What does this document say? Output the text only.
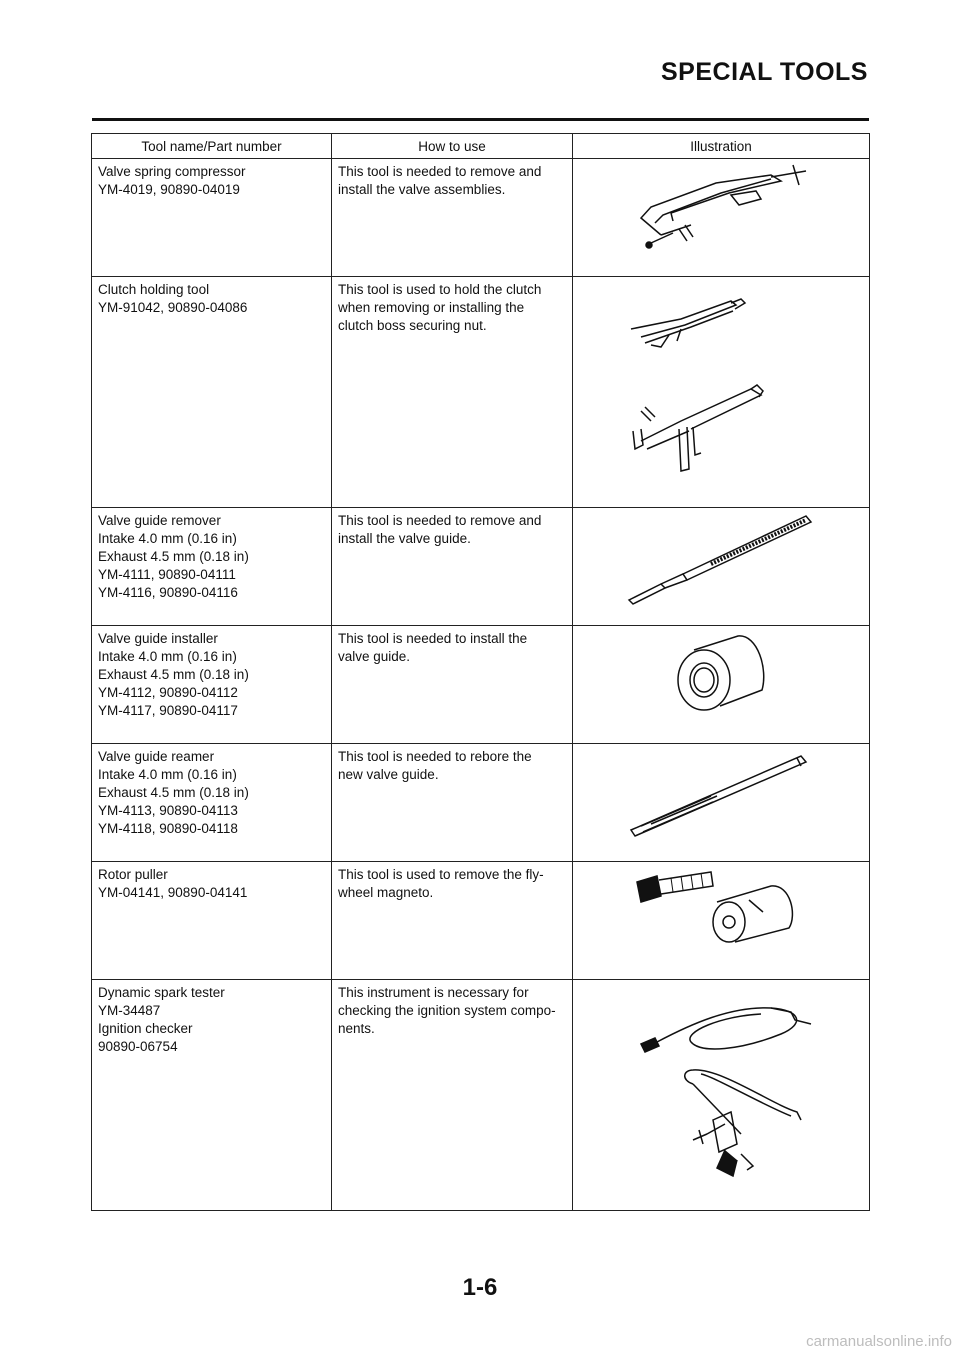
SPECIAL TOOLS
Tool name/Part number	How to use	Illustration

Valve spring compressor
YM-4019, 90890-04019	This tool is needed to remove and
install the valve assemblies.

Clutch holding tool
YM-91042, 90890-04086	This tool is used to hold the clutch
when removing or installing the
clutch boss securing nut.

Valve guide remover
Intake 4.0 mm (0.16 in)
Exhaust 4.5 mm (0.18 in)
YM-4111, 90890-04111
YM-4116, 90890-04116	This tool is needed to remove and
install the valve guide.

Valve guide installer
Intake 4.0 mm (0.16 in)
Exhaust 4.5 mm (0.18 in)
YM-4112, 90890-04112
YM-4117, 90890-04117	This tool is needed to install the
valve guide.

Valve guide reamer
Intake 4.0 mm (0.16 in)
Exhaust 4.5 mm (0.18 in)
YM-4113, 90890-04113
YM-4118, 90890-04118	This tool is needed to rebore the
new valve guide.

Rotor puller
YM-04141, 90890-04141	This tool is used to remove the fly-
wheel magneto.

Dynamic spark tester
YM-34487
Ignition checker
90890-06754	This instrument is necessary for
checking the ignition system compo-
nents.

1-6
carmanualsonline.info
